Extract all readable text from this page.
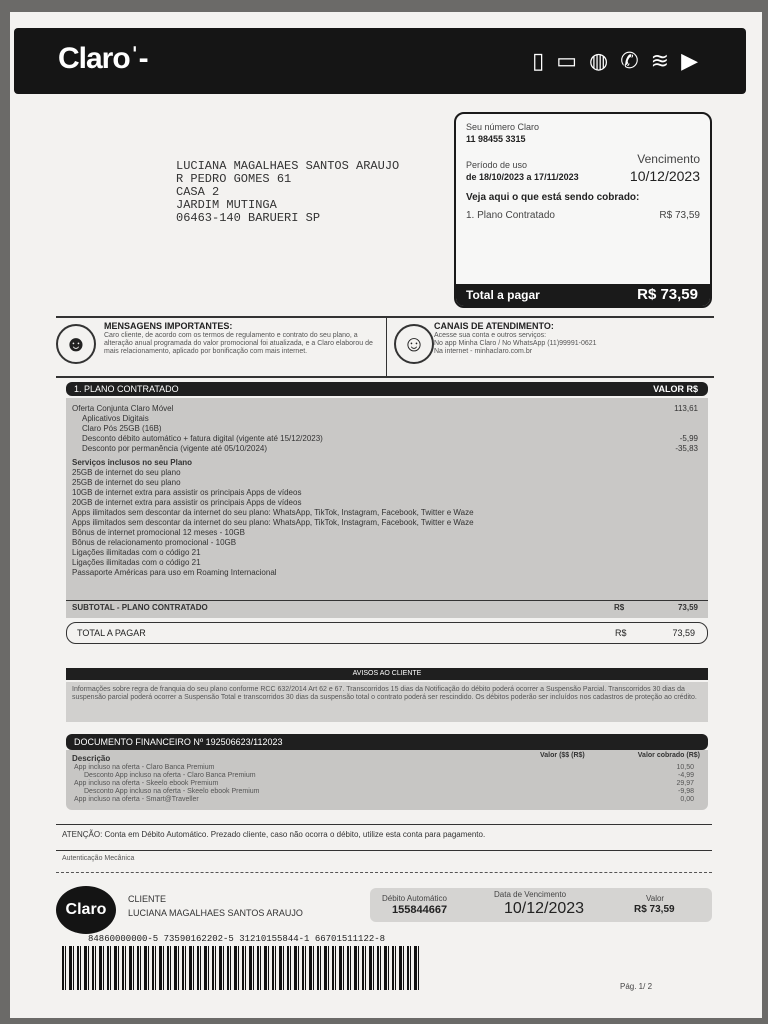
Claroˈ-	▯▭◍✆≋▶
LUCIANA MAGALHAES SANTOS ARAUJO
R PEDRO GOMES 61
CASA 2
JARDIM MUTINGA
06463-140 BARUERI SP
Seu número Claro
11 98455 3315
Período de uso
de 18/10/2023 a 17/11/2023
Vencimento
10/12/2023
Veja aqui o que está sendo cobrado:
1. Plano Contratado	R$ 73,59
Total a pagar	R$ 73,59
☻
MENSAGENS IMPORTANTES:
Caro cliente, de acordo com os termos de regulamento e contrato do seu plano, a alteração anual programada do valor promocional foi atualizada, e a Claro elaborou de mais relacionamento, aplicado por bonificação com mais internet.	☺
CANAIS DE ATENDIMENTO:
Acesse sua conta e outros serviços:
No app Minha Claro / No WhatsApp (11)99991-0621
Na internet - minhaclaro.com.br
1. PLANO CONTRATADO	VALOR R$
Oferta Conjunta Claro Móvel	113,61
Aplicativos Digitais
Claro Pós 25GB (16B)
Desconto débito automático + fatura digital (vigente até 15/12/2023)	-5,99
Desconto por permanência (vigente até 05/10/2024)	-35,83
Serviços inclusos no seu Plano
25GB de internet do seu plano
25GB de internet do seu plano
10GB de internet extra para assistir os principais Apps de vídeos
20GB de internet extra para assistir os principais Apps de vídeos
Apps ilimitados sem descontar da internet do seu plano: WhatsApp, TikTok, Instagram, Facebook, Twitter e Waze
Apps ilimitados sem descontar da internet do seu plano: WhatsApp, TikTok, Instagram, Facebook, Twitter e Waze
Bônus de internet promocional 12 meses - 10GB
Bônus de relacionamento promocional - 10GB
Ligações ilimitadas com o código 21
Ligações ilimitadas com o código 21
Passaporte Américas para uso em Roaming Internacional
SUBTOTAL - PLANO CONTRATADO	R$	73,59
TOTAL A PAGAR	R$	73,59
AVISOS AO CLIENTE
Informações sobre regra de franquia do seu plano conforme RCC 632/2014 Art 62 e 67. Transcorridos 15 dias da Notificação do débito poderá ocorrer a Suspensão Parcial. Transcorridos 30 dias da suspensão parcial poderá ocorrer a Suspensão Total e transcorridos 30 dias da suspensão total o contrato poderá ser rescindido. Os débitos poderão ser incluídos nos cadastros de proteção ao crédito.
DOCUMENTO FINANCEIRO Nº 192506623/112023
Descrição	Valor ($$ (R$)	Valor cobrado (R$)
App incluso na oferta - Claro Banca Premium	10,50
Desconto App incluso na oferta - Claro Banca Premium	-4,99
App incluso na oferta - Skeelo ebook Premium	29,97
Desconto App incluso na oferta - Skeelo ebook Premium	-9,98
App incluso na oferta - Smart@Traveller	0,00
ATENÇÃO: Conta em Débito Automático. Prezado cliente, caso não ocorra o débito, utilize esta conta para pagamento.
Autenticação Mecânica
Claro
CLIENTE
LUCIANA MAGALHAES SANTOS ARAUJO
Débito Automático
155844667
Data de Vencimento
10/12/2023
Valor
R$ 73,59
84860000000-5 73590162202-5 31210155844-1 66701511122-8
Pág. 1/ 2
